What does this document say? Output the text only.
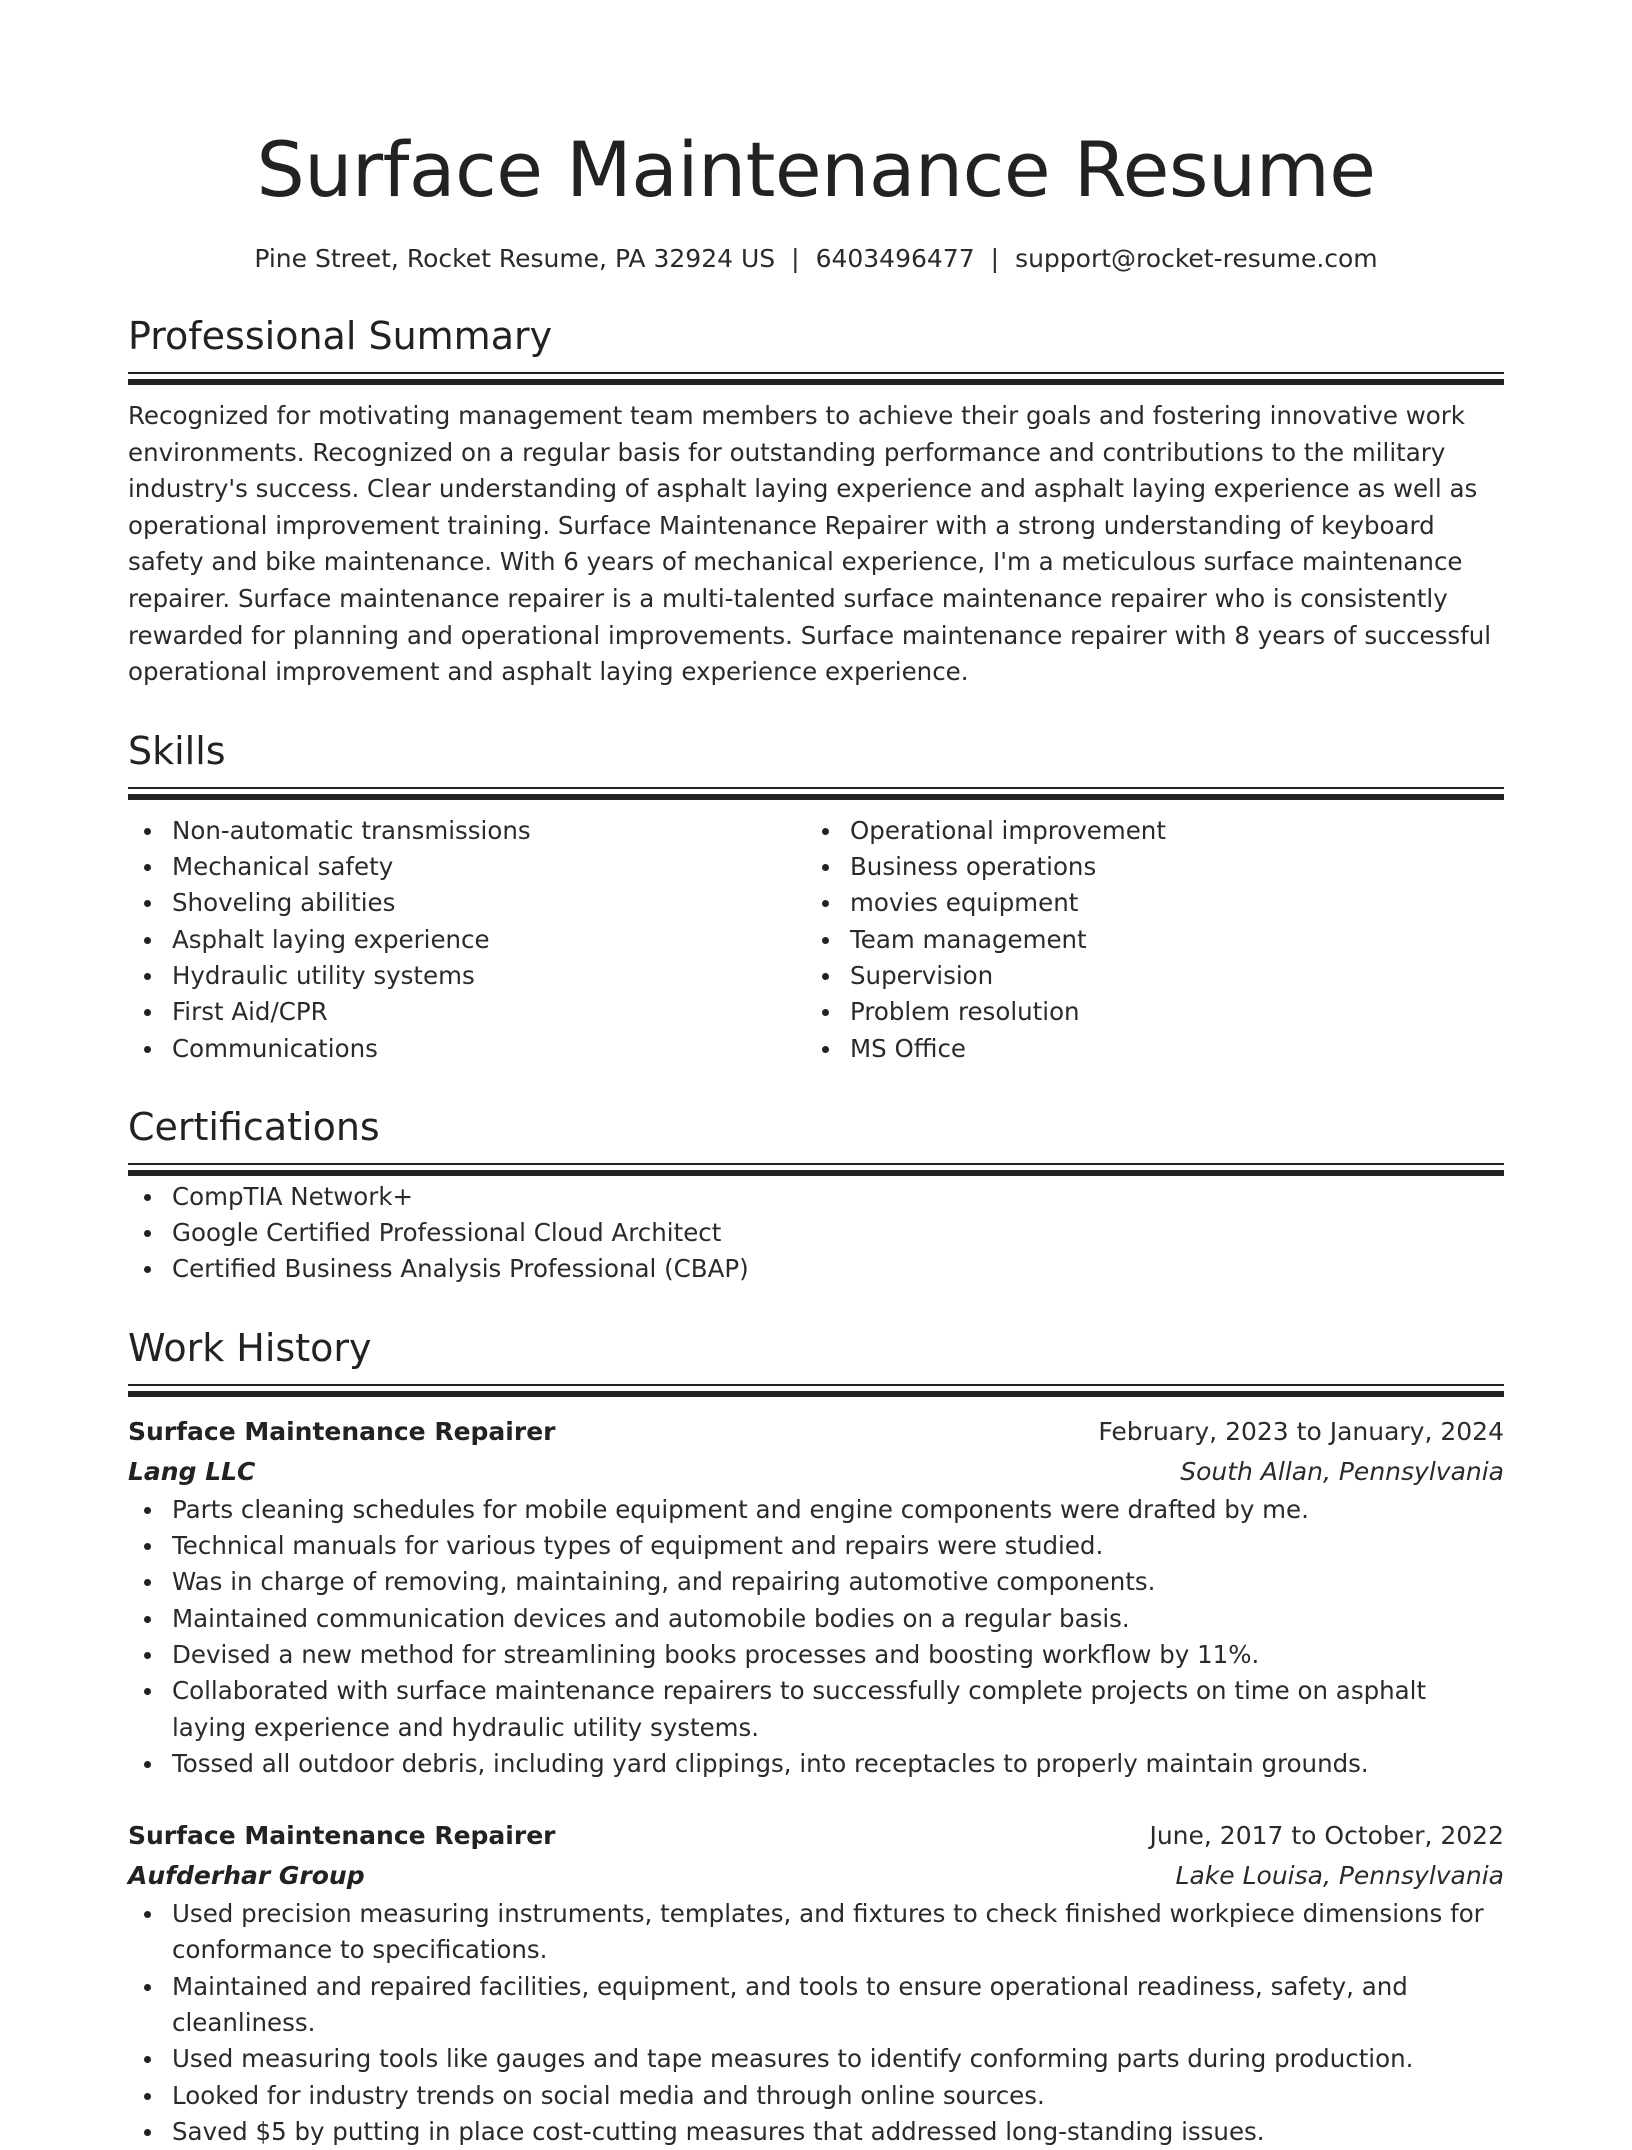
Surface Maintenance Resume
Pine Street, Rocket Resume, PA 32924 US | 6403496477 | support@rocket-resume.com
Professional Summary
Recognized for motivating management team members to achieve their goals and fostering innovative work environments. Recognized on a regular basis for outstanding performance and contributions to the military industry's success. Clear understanding of asphalt laying experience and asphalt laying experience as well as operational improvement training. Surface Maintenance Repairer with a strong understanding of keyboard safety and bike maintenance. With 6 years of mechanical experience, I'm a meticulous surface maintenance repairer. Surface maintenance repairer is a multi-talented surface maintenance repairer who is consistently rewarded for planning and operational improvements. Surface maintenance repairer with 8 years of successful operational improvement and asphalt laying experience experience.
Skills
Non-automatic transmissions
Mechanical safety
Shoveling abilities
Asphalt laying experience
Hydraulic utility systems
First Aid/CPR
Communications
Operational improvement
Business operations
movies equipment
Team management
Supervision
Problem resolution
MS Office
Certifications
CompTIA Network+
Google Certified Professional Cloud Architect
Certified Business Analysis Professional (CBAP)
Work History
Surface Maintenance Repairer	February, 2023 to January, 2024
Lang LLC	South Allan, Pennsylvania
Parts cleaning schedules for mobile equipment and engine components were drafted by me.
Technical manuals for various types of equipment and repairs were studied.
Was in charge of removing, maintaining, and repairing automotive components.
Maintained communication devices and automobile bodies on a regular basis.
Devised a new method for streamlining books processes and boosting workflow by 11%.
Collaborated with surface maintenance repairers to successfully complete projects on time on asphalt laying experience and hydraulic utility systems.
Tossed all outdoor debris, including yard clippings, into receptacles to properly maintain grounds.
Surface Maintenance Repairer	June, 2017 to October, 2022
Aufderhar Group	Lake Louisa, Pennsylvania
Used precision measuring instruments, templates, and fixtures to check finished workpiece dimensions for conformance to specifications.
Maintained and repaired facilities, equipment, and tools to ensure operational readiness, safety, and cleanliness.
Used measuring tools like gauges and tape measures to identify conforming parts during production.
Looked for industry trends on social media and through online sources.
Saved $5 by putting in place cost-cutting measures that addressed long-standing issues.
